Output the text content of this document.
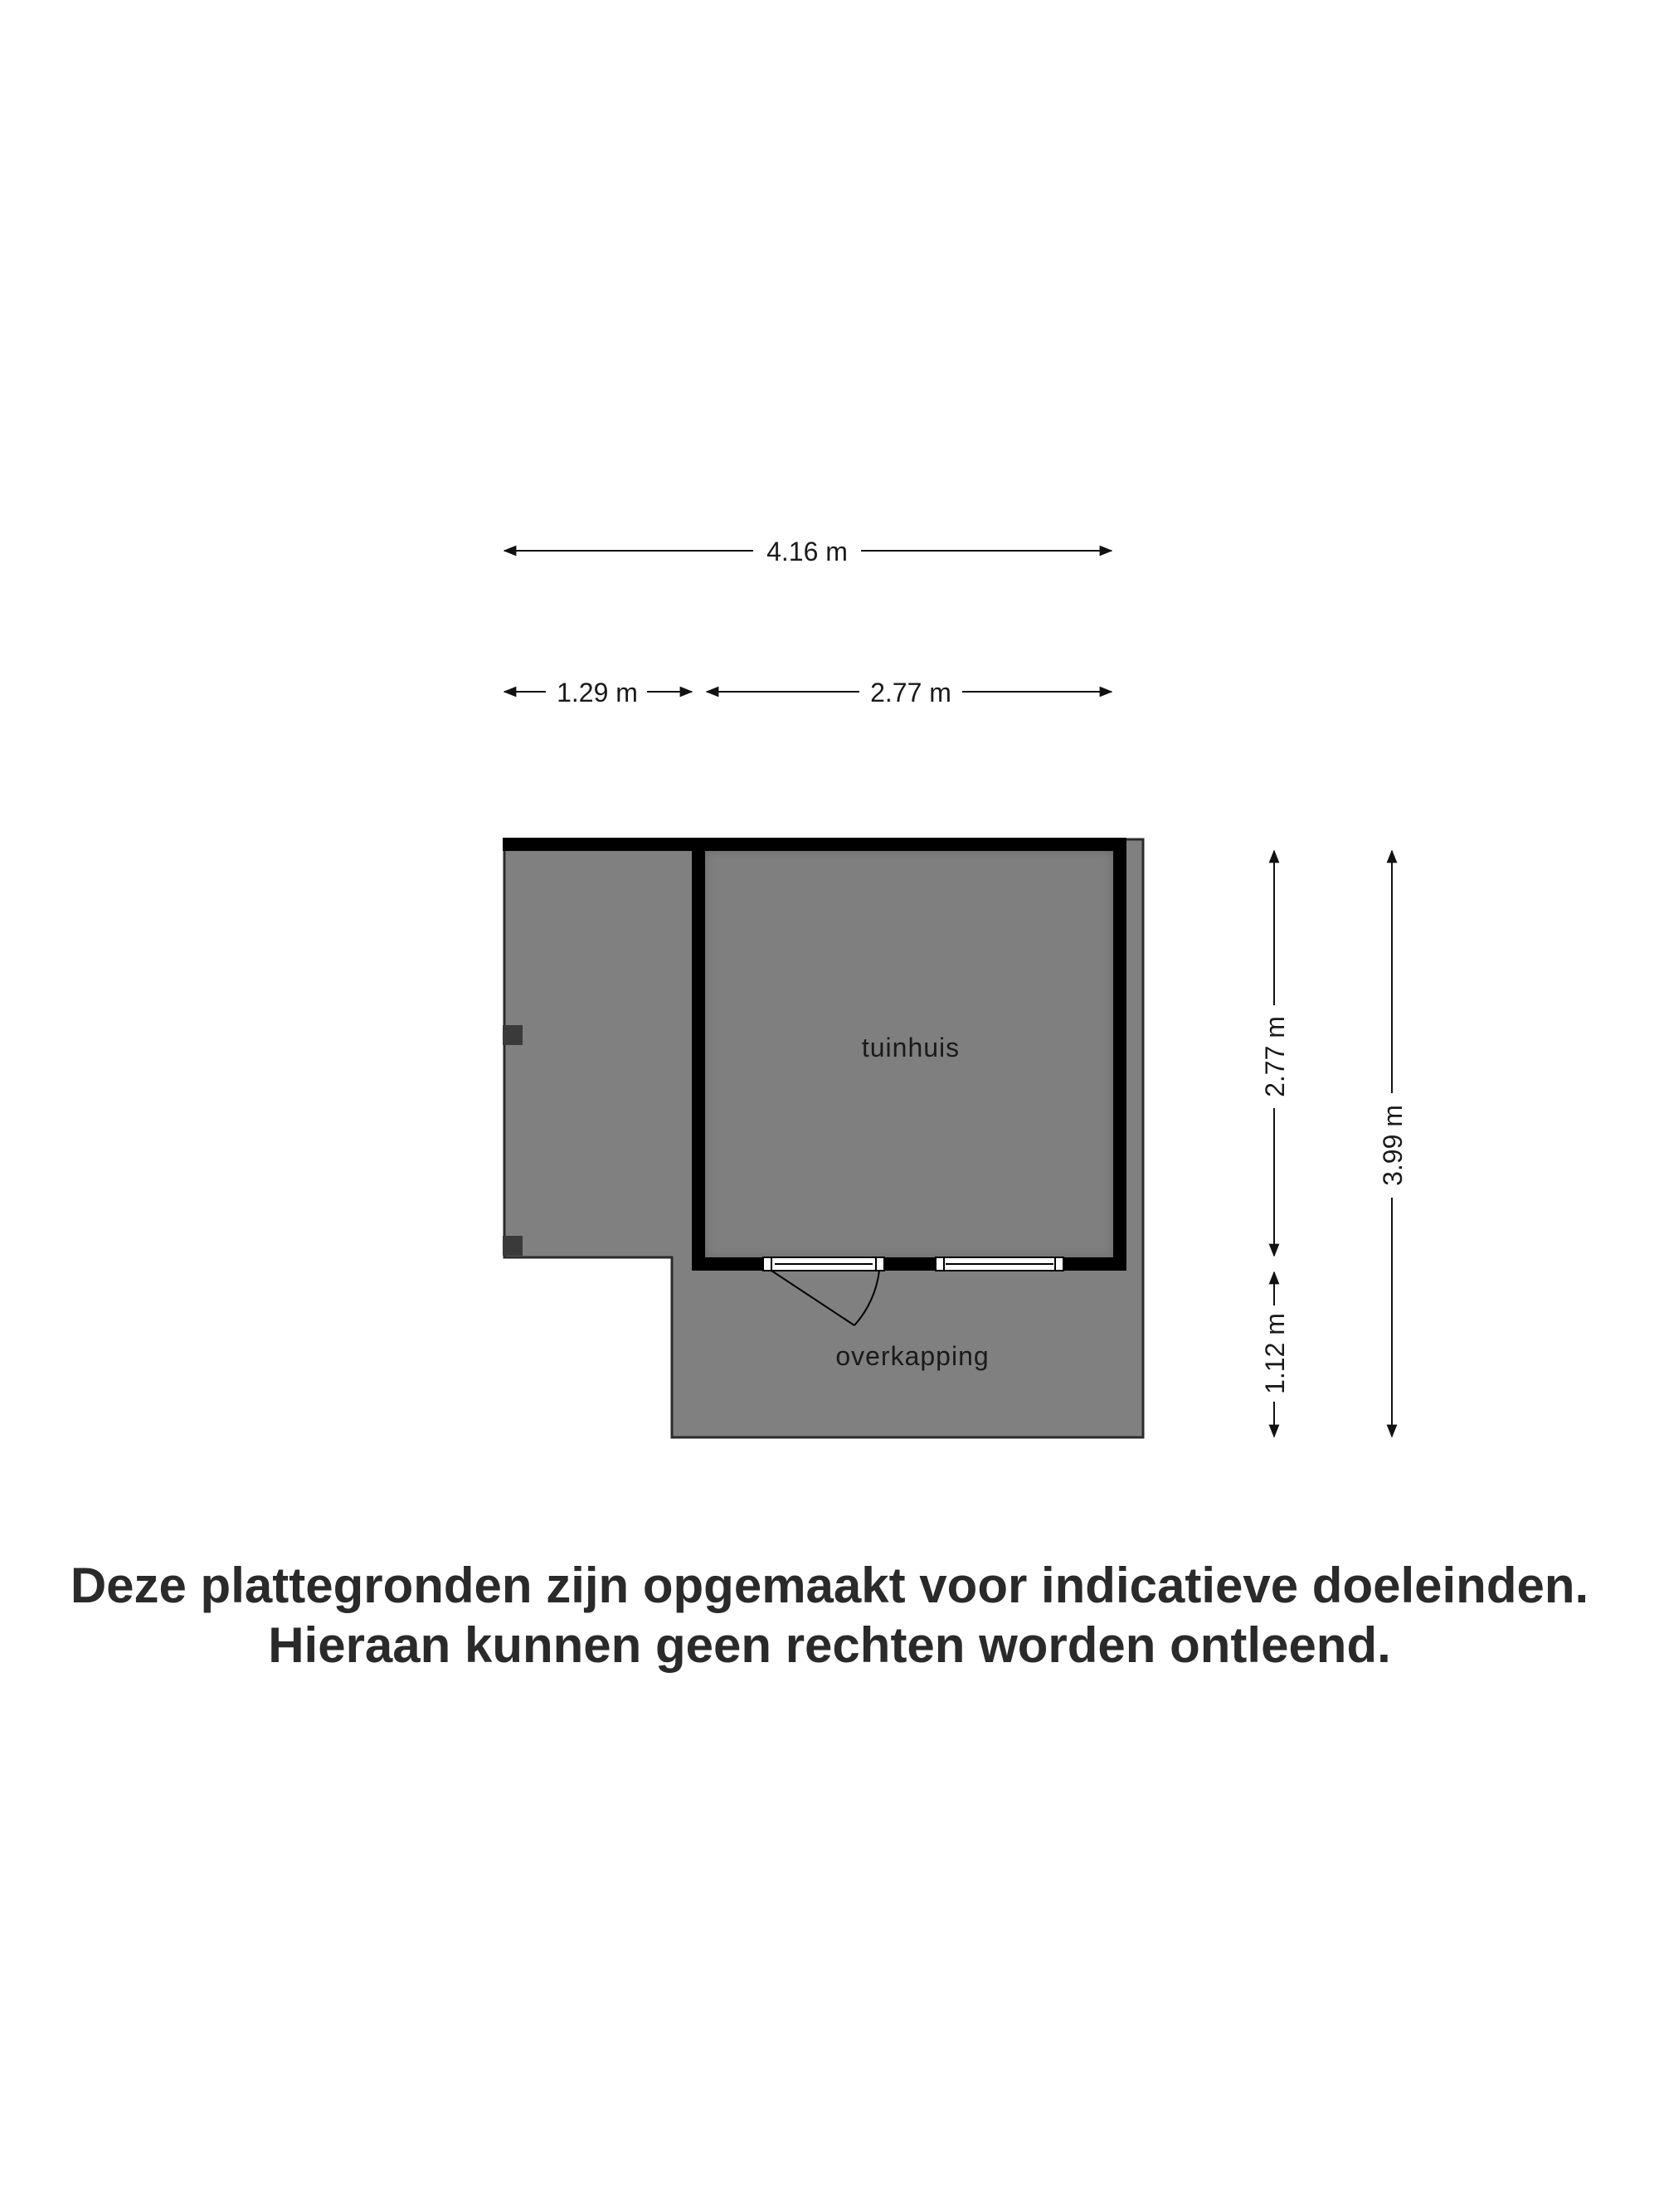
tuinhuis
overkapping
4.16 m
1.29 m	2.77 m
2.77 m
1.12 m
3.99 m

Deze plattegronden zijn opgemaakt voor indicatieve doeleinden.

Hieraan kunnen geen rechten worden ontleend.
